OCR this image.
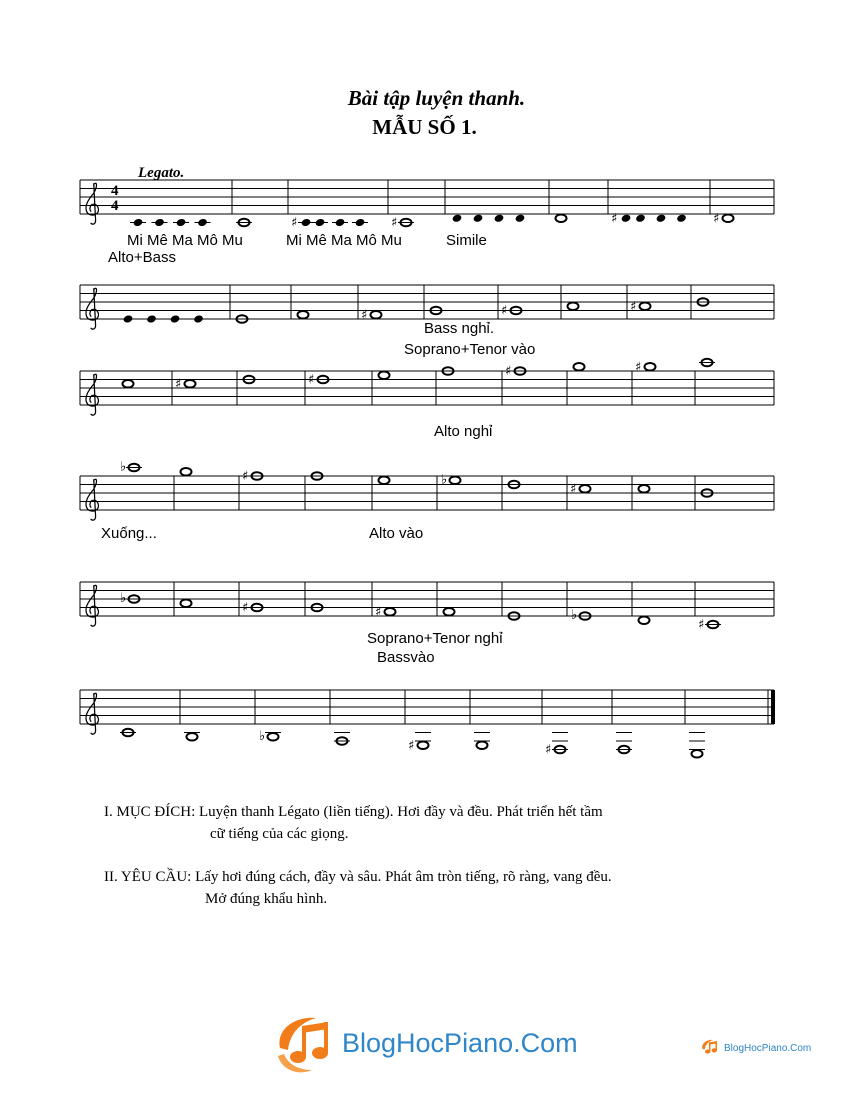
Bài tập luyện thanh.
MẪU SỐ 1.
Legato.
♯	♯	♯	♯
♯	♯	♯
♯	♯
♯	♯
♭
♯	♭
♯
♭
♯	♯	♭
♯
♭
♯	♯
4
4
Mi Mê Ma Mô Mu	Mi Mê Ma Mô Mu	Simile
Alto+Bass
Bass nghỉ.
Soprano+Tenor vào
Alto nghỉ
Xuống...	Alto vào
Soprano+Tenor nghỉ
Bassvào
I. MỤC ĐÍCH: Luyện thanh Légato (liền tiếng). Hơi đầy và đều. Phát triển hết tầm
cữ tiếng của các giọng.
II. YÊU CẦU: Lấy hơi đúng cách, đầy và sâu. Phát âm tròn tiếng, rõ ràng, vang đều.
Mở đúng khẩu hình.
BlogHocPiano.Com	BlogHocPiano.Com
